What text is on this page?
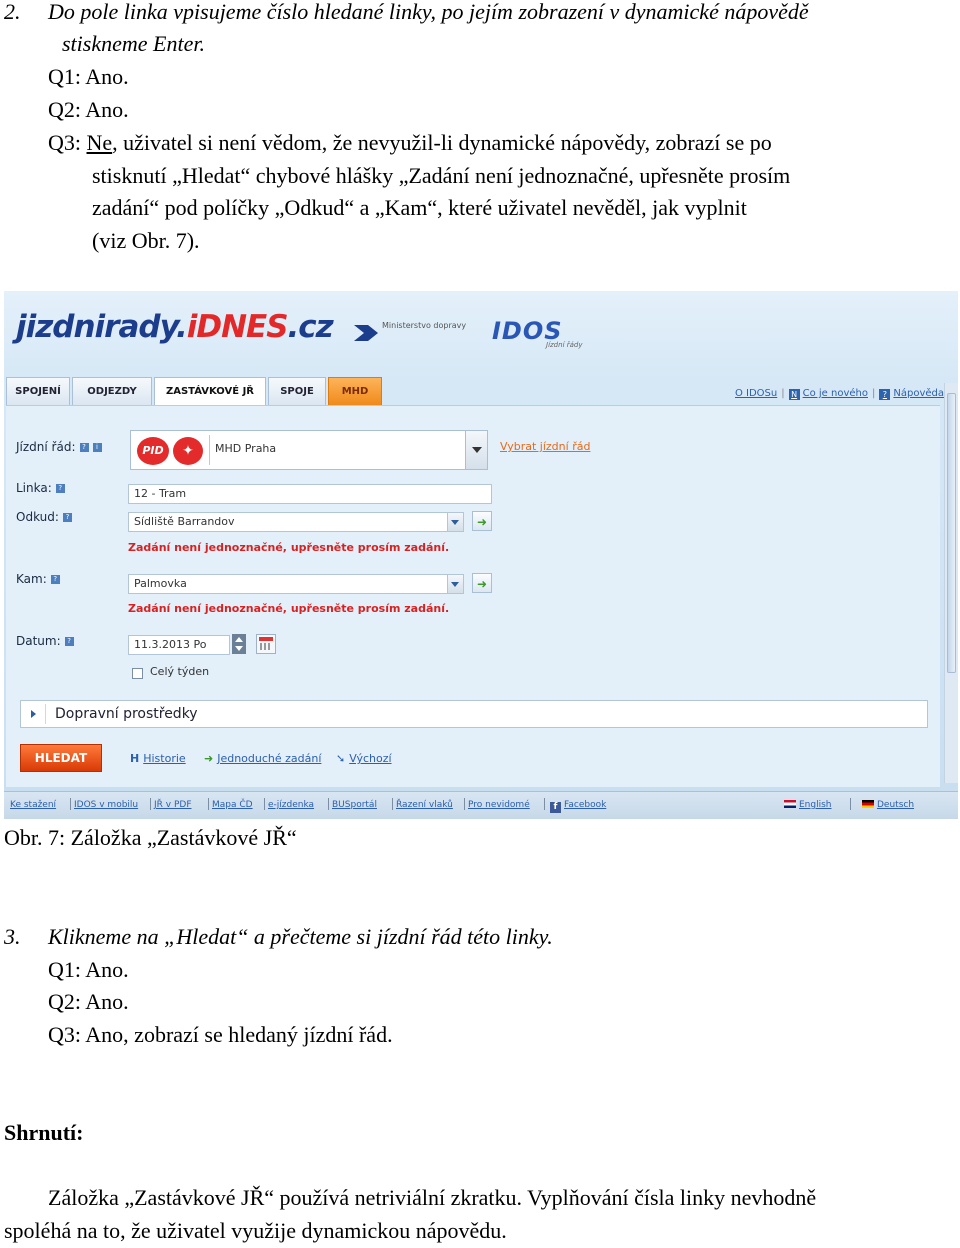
2. Do pole linka vpisujeme číslo hledané linky, po jejím zobrazení v dynamické nápovědě
stiskneme Enter.
Q1: Ano.
Q2: Ano.
Q3: Ne, uživatel si není vědom, že nevyužil-li dynamické nápovědy, zobrazí se po
stisknutí „Hledat“ chybové hlášky „Zadání není jednoznačné, upřesněte prosím
zadání“ pod políčky „Odkud“ a „Kam“, které uživatel nevěděl, jak vyplnit
(viz Obr. 7).
jizdnirady.iDNES.cz	Ministerstvo dopravy IDOS
Jízdní řády
SPOJENÍ	ODJEZDY	ZASTÁVKOVÉ JŘ	SPOJE	MHD	O IDOSu | N Co je nového | ? Nápověda
Jízdní řád: ? i	PID	✦	MHD Praha	Vybrat jízdní řád
Linka: ?	12 - Tram
Odkud: ?	Sídliště Barrandov	➜
Zadání není jednoznačné, upřesněte prosím zadání.
Kam: ?	Palmovka	➜
Zadání není jednoznačné, upřesněte prosím zadání.
Datum: ?	11.3.2013 Po
Celý týden
Dopravní prostředky
HLEDAT	H Historie ➜ Jednoduché zadání ➘ Výchozí
Ke stažení IDOS v mobilu JŘ v PDF Mapa ČD e-jízdenka BUSportál Řazení vlaků Pro nevidomé	f Facebook	English	Deutsch
Obr. 7: Záložka „Zastávkové JŘ“
3. Klikneme na „Hledat“ a přečteme si jízdní řád této linky.
Q1: Ano.
Q2: Ano.
Q3: Ano, zobrazí se hledaný jízdní řád.
Shrnutí:
Záložka „Zastávkové JŘ“ používá netriviální zkratku. Vyplňování čísla linky nevhodně
spoléhá na to, že uživatel využije dynamickou nápovědu.
